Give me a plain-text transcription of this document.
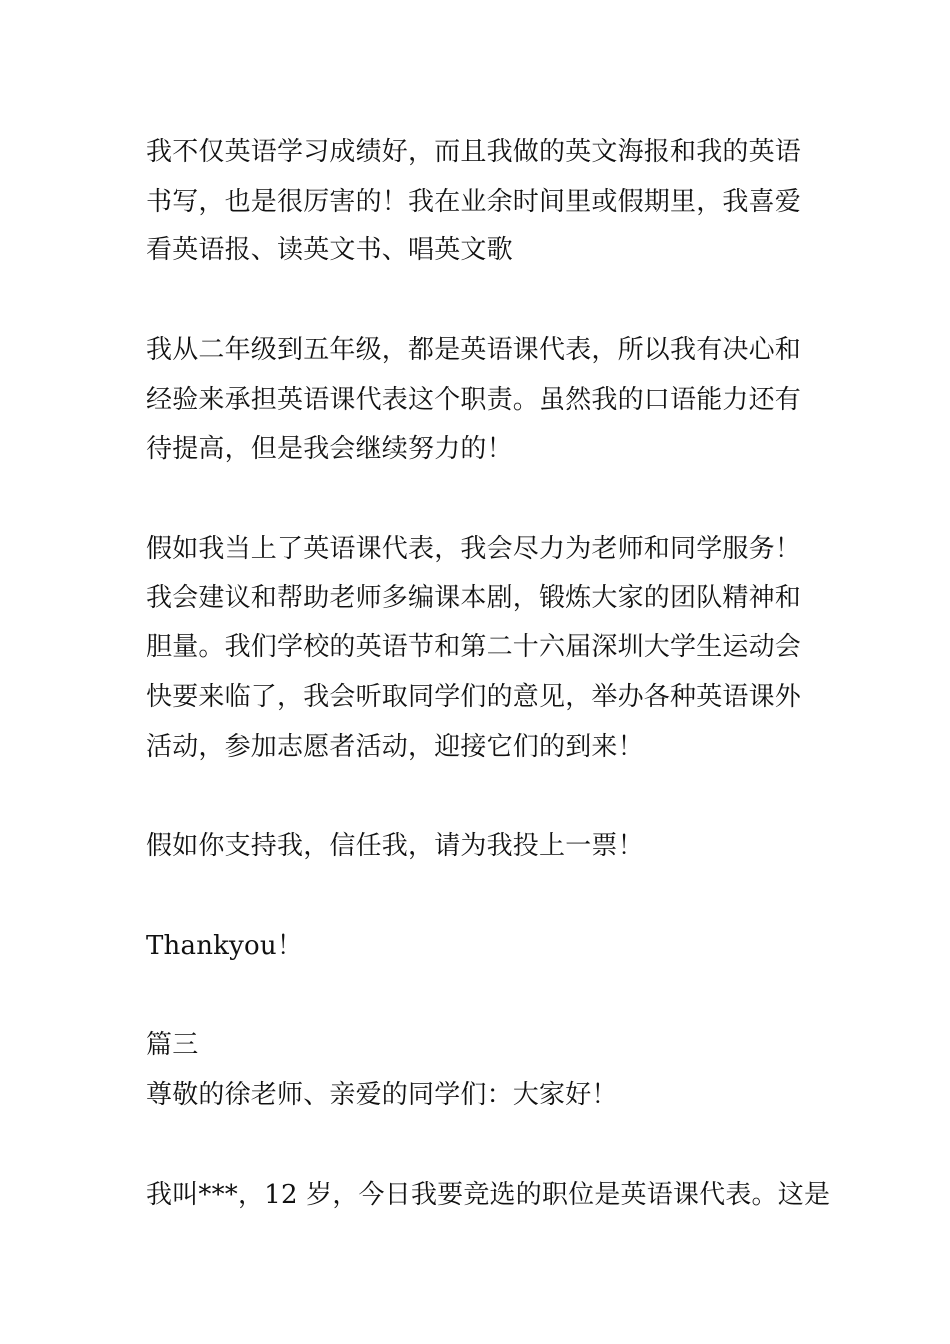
我不仅英语学习成绩好，而且我做的英文海报和我的英语
书写，也是很厉害的！我在业余时间里或假期里，我喜爱
看英语报、读英文书、唱英文歌
我从二年级到五年级，都是英语课代表，所以我有决心和
经验来承担英语课代表这个职责。虽然我的口语能力还有
待提高，但是我会继续努力的！
假如我当上了英语课代表，我会尽力为老师和同学服务！
我会建议和帮助老师多编课本剧，锻炼大家的团队精神和
胆量。我们学校的英语节和第二十六届深圳大学生运动会
快要来临了，我会听取同学们的意见，举办各种英语课外
活动，参加志愿者活动，迎接它们的到来！
假如你支持我，信任我，请为我投上一票！
Thankyou！
篇三
尊敬的徐老师、亲爱的同学们：大家好！
我叫***，12 岁，今日我要竞选的职位是英语课代表。这是
